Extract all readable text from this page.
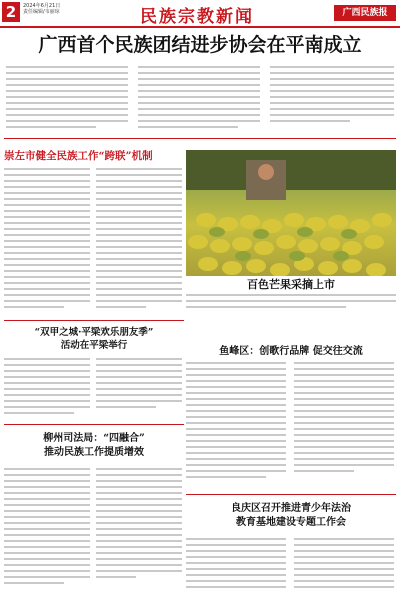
2	2024年6月21日
责任编辑/韦丽琼	民族宗教新闻	广西民族报
广西首个民族团结进步协会在平南成立
崇左市健全民族工作“跨联”机制
百色芒果采摘上市
“双甲之城·平梁欢乐朋友季”
活动在平梁举行
鱼峰区：创歌行品牌 促交往交流
柳州司法局：“四融合”
推动民族工作提质增效
良庆区召开推进青少年法治
教育基地建设专题工作会
